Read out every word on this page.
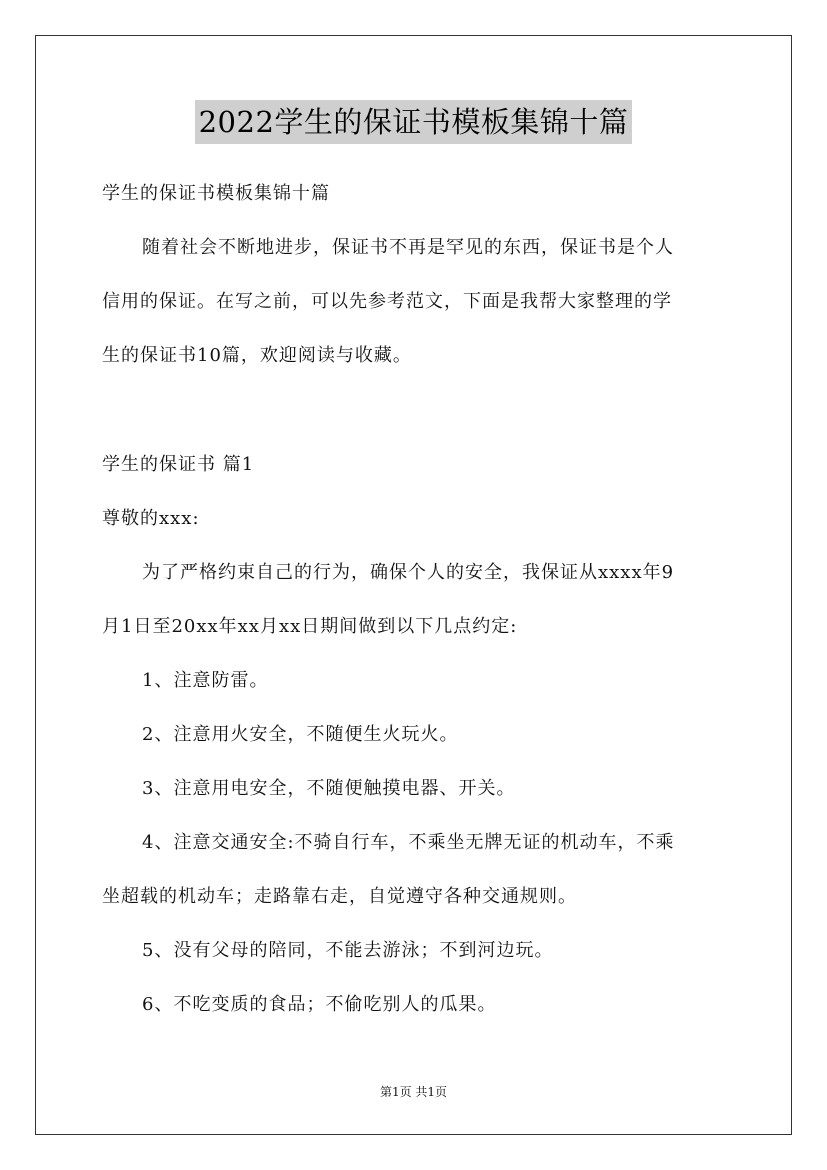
2022学生的保证书模板集锦十篇
学生的保证书模板集锦十篇
随着社会不断地进步，保证书不再是罕见的东西，保证书是个人
信用的保证。在写之前，可以先参考范文，下面是我帮大家整理的学
生的保证书10篇，欢迎阅读与收藏。
学生的保证书 篇1
尊敬的xxx:
为了严格约束自己的行为，确保个人的安全，我保证从xxxx年9
月1日至20xx年xx月xx日期间做到以下几点约定:
1、注意防雷。
2、注意用火安全，不随便生火玩火。
3、注意用电安全，不随便触摸电器、开关。
4、注意交通安全:不骑自行车，不乘坐无牌无证的机动车，不乘
坐超载的机动车；走路靠右走，自觉遵守各种交通规则。
5、没有父母的陪同，不能去游泳；不到河边玩。
6、不吃变质的食品；不偷吃别人的瓜果。
第1页 共1页
